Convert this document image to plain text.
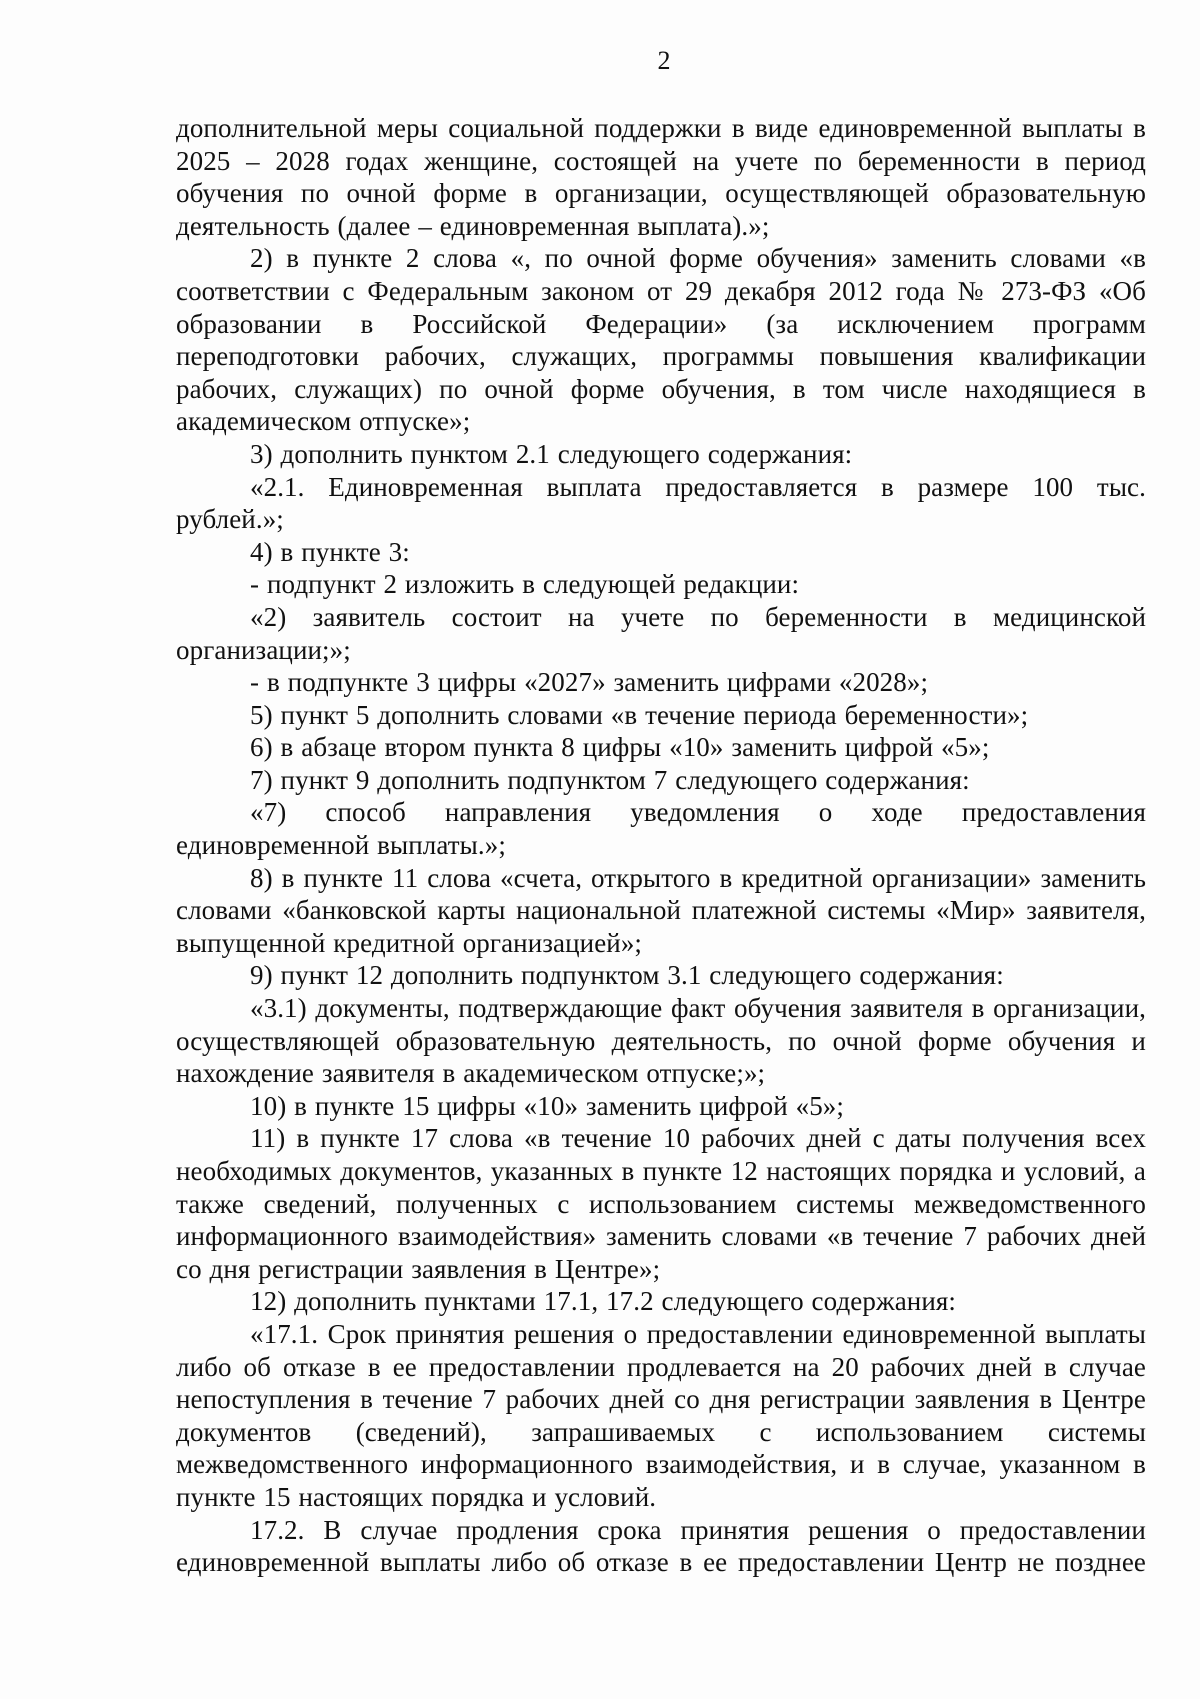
2

дополнительной меры социальной поддержки в виде единовременной выплаты в 2025 – 2028 годах женщине, состоящей на учете по беременности в период обучения по очной форме в организации, осуществляющей образовательную деятельность (далее – единовременная выплата).»;

2) в пункте 2 слова «, по очной форме обучения» заменить словами «в соответствии с Федеральным законом от 29 декабря 2012 года № 273-ФЗ «Об образовании в Российской Федерации» (за исключением программ переподготовки рабочих, служащих, программы повышения квалификации рабочих, служащих) по очной форме обучения, в том числе находящиеся в академическом отпуске»;

3) дополнить пунктом 2.1 следующего содержания:

«2.1. Единовременная выплата предоставляется в размере 100 тыс. рублей.»;

4) в пункте 3:

- подпункт 2 изложить в следующей редакции:

«2) заявитель состоит на учете по беременности в медицинской организации;»;

- в подпункте 3 цифры «2027» заменить цифрами «2028»;

5) пункт 5 дополнить словами «в течение периода беременности»;

6) в абзаце втором пункта 8 цифры «10» заменить цифрой «5»;

7) пункт 9 дополнить подпунктом 7 следующего содержания:

«7) способ направления уведомления о ходе предоставления единовременной выплаты.»;

8) в пункте 11 слова «счета, открытого в кредитной организации» заменить словами «банковской карты национальной платежной системы «Мир» заявителя, выпущенной кредитной организацией»;

9) пункт 12 дополнить подпунктом 3.1 следующего содержания:

«3.1) документы, подтверждающие факт обучения заявителя в организации, осуществляющей образовательную деятельность, по очной форме обучения и нахождение заявителя в академическом отпуске;»;

10) в пункте 15 цифры «10» заменить цифрой «5»;

11) в пункте 17 слова «в течение 10 рабочих дней с даты получения всех необходимых документов, указанных в пункте 12 настоящих порядка и условий, а также сведений, полученных с использованием системы межведомственного информационного взаимодействия» заменить словами «в течение 7 рабочих дней со дня регистрации заявления в Центре»;

12) дополнить пунктами 17.1, 17.2 следующего содержания:

«17.1. Срок принятия решения о предоставлении единовременной выплаты либо об отказе в ее предоставлении продлевается на 20 рабочих дней в случае непоступления в течение 7 рабочих дней со дня регистрации заявления в Центре документов (сведений), запрашиваемых с использованием системы межведомственного информационного взаимодействия, и в случае, указанном в пункте 15 настоящих порядка и условий.

17.2. В случае продления срока принятия решения о предоставлении единовременной выплаты либо об отказе в ее предоставлении Центр не позднее
